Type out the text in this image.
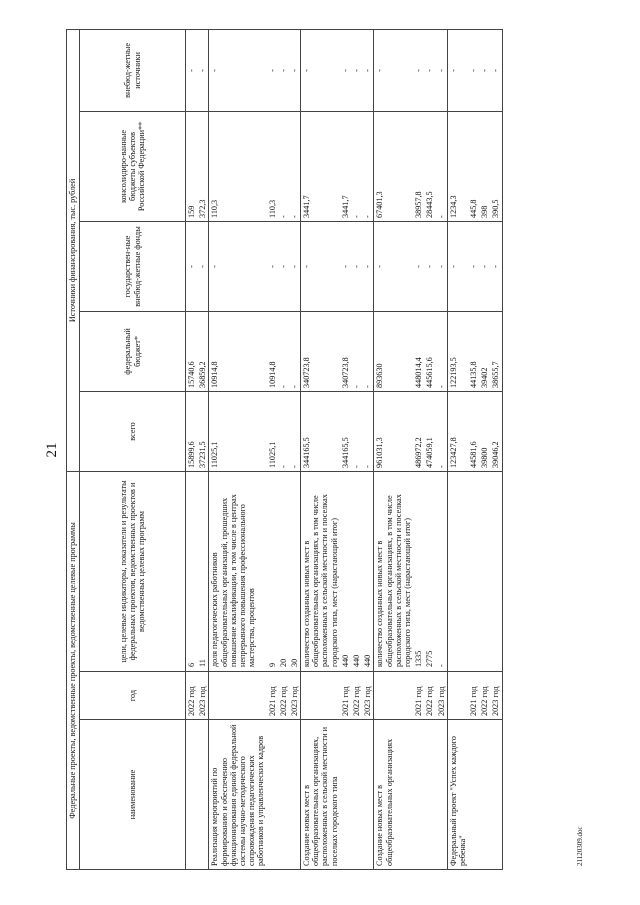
21
Федеральные проекты, ведомственные проекты, ведомственные целевые программы			Источники финансирования, тыс. рублей				
наименование	год	цели, целевые индикаторы, показатели и результаты федеральных проектов, ведомственных проектов и ведомственных целевых программ	всего	федеральный бюджет*	государствен-ные внебюд-жетные фонды	консолидиро-ванные бюджеты субъектов Российской Федерации**	внебюд-жетные источники
	2022 год	6	15899,6	15740,6	-	159	-
	2023 год	11	37231,5	36859,2	-	372,3	-
Реализация мероприятий по формированию и обеспечению функционирования единой федеральной системы научно-методического сопровождения педагогических работников и управленческих кадров		доля педагогических работников общеобразовательных организаций, прошедших повышение квалификации, в том числе в центрах непрерывного повышения профессионального мастерства, процентов	11025,1	10914,8	-	110,3	-
	2021 год	9	11025,1	10914,8	-	110,3	-
	2022 год	20	-	-	-	-	-
	2023 год	30	-	-	-	-	-
Создание новых мест в общеобразовательных организациях, расположенных в сельской местности и поселках городского типа		количество созданных новых мест в общеобразовательных организациях, в том числе расположенных в сельской местности и поселках городского типа, мест (нарастающий итог)	344165,5	340723,8	-	3441,7	-
	2021 год	440	344165,5	340723,8	-	3441,7	-
	2022 год	440	-	-	-	-	-
	2023 год	440	-	-	-	-	-
Создание новых мест в общеобразовательных организациях		количество созданных новых мест в общеобразовательных организациях, в том числе расположенных в сельской местности и поселках городского типа, мест (нарастающий итог)	961031,3	893630	-	67401,3	-
	2021 год	1335	486972,2	448014,4	-	38957,8	-
	2022 год	2775	474059,1	445615,6	-	28443,5	-
	2023 год	-	-	-	-	-	-
Федеральный проект "Успех каждого ребенка"			123427,8	122193,5	-	1234,3	-
	2021 год		44581,6	44135,8	-	445,8	-
	2022 год		39800	39402	-	398	-
	2023 год		39046,2	38655,7	-	390,5	-
21120309.doc
